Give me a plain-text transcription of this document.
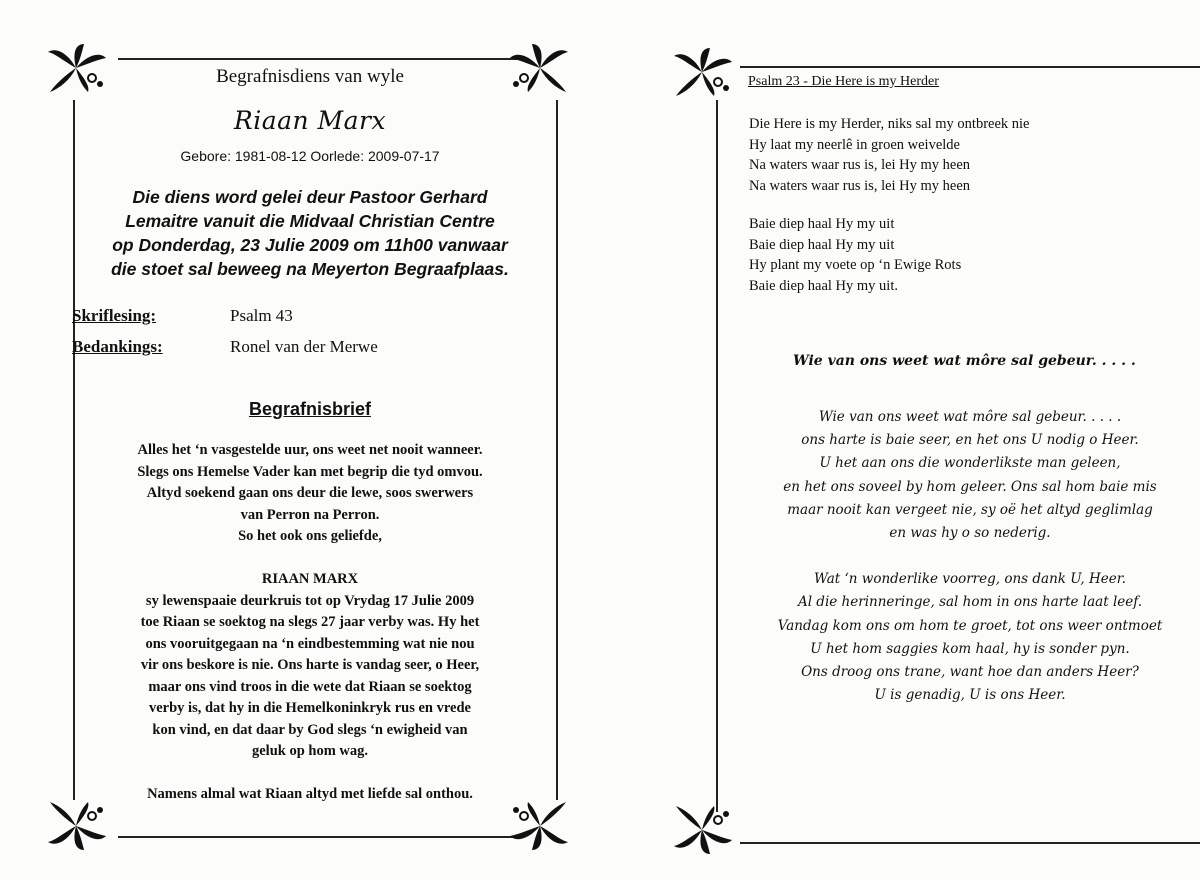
Begrafnisdiens van wyle
Riaan Marx
Gebore: 1981-08-12 Oorlede: 2009-07-17
Die diens word gelei deur Pastoor Gerhard
Lemaitre vanuit die Midvaal Christian Centre
op Donderdag, 23 Julie 2009 om 11h00 vanwaar
die stoet sal beweeg na Meyerton Begraafplaas.
Skriflesing:	Psalm 43
Bedankings:	Ronel van der Merwe
Begrafnisbrief

Alles het ‘n vasgestelde uur, ons weet net nooit wanneer.

Slegs ons Hemelse Vader kan met begrip die tyd omvou.

Altyd soekend gaan ons deur die lewe, soos swerwers

van Perron na Perron.

So het ook ons geliefde,

RIAAN MARX

sy lewenspaaie deurkruis tot op Vrydag 17 Julie 2009

toe Riaan se soektog na slegs 27 jaar verby was. Hy het

ons vooruitgegaan na ‘n eindbestemming wat nie nou

vir ons beskore is nie. Ons harte is vandag seer, o Heer,

maar ons vind troos in die wete dat Riaan se soektog

verby is, dat hy in die Hemelkoninkryk rus en vrede

kon vind, en dat daar by God slegs ‘n ewigheid van

geluk op hom wag.

Namens almal wat Riaan altyd met liefde sal onthou.

Psalm 23 - Die Here is my Herder

Die Here is my Herder, niks sal my ontbreek nie

Hy laat my neerlê in groen weivelde

Na waters waar rus is, lei Hy my heen

Na waters waar rus is, lei Hy my heen

Baie diep haal Hy my uit

Baie diep haal Hy my uit

Hy plant my voete op ‘n Ewige Rots

Baie diep haal Hy my uit.

Wie van ons weet wat môre sal gebeur. . . . .

Wie van ons weet wat môre sal gebeur. . . . .

ons harte is baie seer, en het ons U nodig o Heer.

U het aan ons die wonderlikste man geleen,

en het ons soveel by hom geleer. Ons sal hom baie mis

maar nooit kan vergeet nie, sy oë het altyd geglimlag

en was hy o so nederig.

Wat ‘n wonderlike voorreg, ons dank U, Heer.

Al die herinneringe, sal hom in ons harte laat leef.

Vandag kom ons om hom te groet, tot ons weer ontmoet

U het hom saggies kom haal, hy is sonder pyn.

Ons droog ons trane, want hoe dan anders Heer?

U is genadig, U is ons Heer.
